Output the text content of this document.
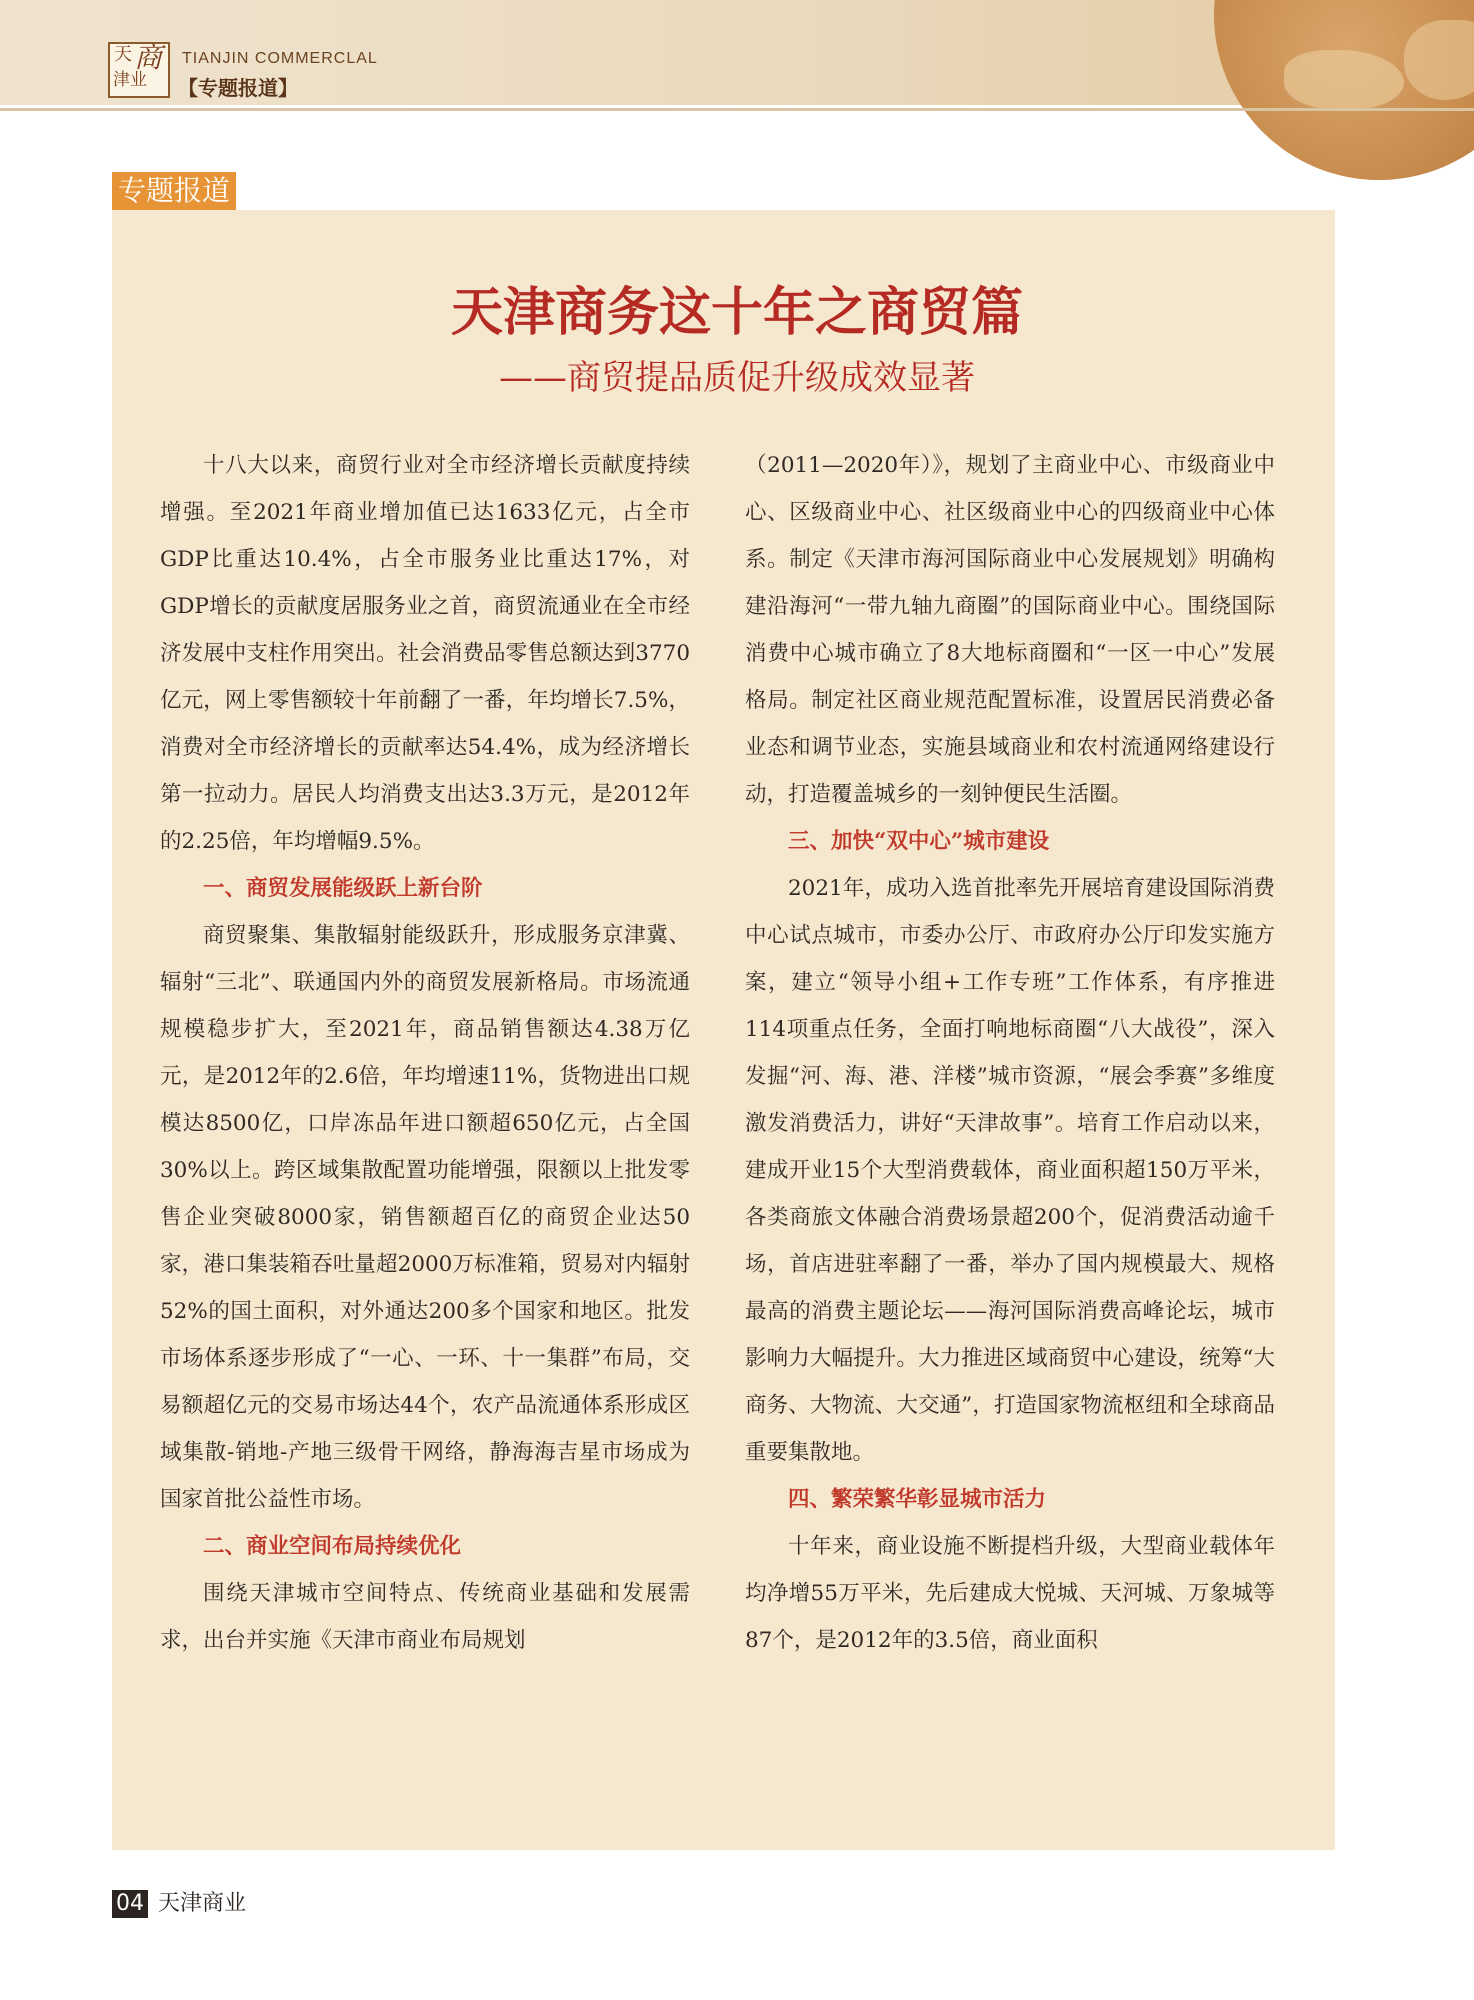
天 商
津业
TIANJIN COMMERCLAL
【专题报道】
专题报道
天津商务这十年之商贸篇
——商贸提品质促升级成效显著

十八大以来，商贸行业对全市经济增长贡献度持续增强。至2021年商业增加值已达1633亿元，占全市GDP比重达10.4%，占全市服务业比重达17%，对GDP增长的贡献度居服务业之首，商贸流通业在全市经济发展中支柱作用突出。社会消费品零售总额达到3770亿元，网上零售额较十年前翻了一番，年均增长7.5%，消费对全市经济增长的贡献率达54.4%，成为经济增长第一拉动力。居民人均消费支出达3.3万元，是2012年的2.25倍，年均增幅9.5%。

一、商贸发展能级跃上新台阶

商贸聚集、集散辐射能级跃升，形成服务京津冀、辐射“三北”、联通国内外的商贸发展新格局。市场流通规模稳步扩大，至2021年，商品销售额达4.38万亿元，是2012年的2.6倍，年均增速11%，货物进出口规模达8500亿，口岸冻品年进口额超650亿元，占全国30%以上。跨区域集散配置功能增强，限额以上批发零售企业突破8000家，销售额超百亿的商贸企业达50家，港口集装箱吞吐量超2000万标准箱，贸易对内辐射52%的国土面积，对外通达200多个国家和地区。批发市场体系逐步形成了“一心、一环、十一集群”布局，交易额超亿元的交易市场达44个，农产品流通体系形成区域集散-销地-产地三级骨干网络，静海海吉星市场成为国家首批公益性市场。

二、商业空间布局持续优化

围绕天津城市空间特点、传统商业基础和发展需求，出台并实施《天津市商业布局规划

（2011—2020年）》，规划了主商业中心、市级商业中心、区级商业中心、社区级商业中心的四级商业中心体系。制定《天津市海河国际商业中心发展规划》明确构建沿海河“一带九轴九商圈”的国际商业中心。围绕国际消费中心城市确立了8大地标商圈和“一区一中心”发展格局。制定社区商业规范配置标准，设置居民消费必备业态和调节业态，实施县域商业和农村流通网络建设行动，打造覆盖城乡的一刻钟便民生活圈。

三、加快“双中心”城市建设

2021年，成功入选首批率先开展培育建设国际消费中心试点城市，市委办公厅、市政府办公厅印发实施方案，建立“领导小组+工作专班”工作体系，有序推进114项重点任务，全面打响地标商圈“八大战役”，深入发掘“河、海、港、洋楼”城市资源，“展会季赛”多维度激发消费活力，讲好“天津故事”。培育工作启动以来，建成开业15个大型消费载体，商业面积超150万平米，各类商旅文体融合消费场景超200个，促消费活动逾千场，首店进驻率翻了一番，举办了国内规模最大、规格最高的消费主题论坛——海河国际消费高峰论坛，城市影响力大幅提升。大力推进区域商贸中心建设，统筹“大商务、大物流、大交通”，打造国家物流枢纽和全球商品重要集散地。

四、繁荣繁华彰显城市活力

十年来，商业设施不断提档升级，大型商业载体年均净增55万平米，先后建成大悦城、天河城、万象城等87个，是2012年的3.5倍，商业面积

04 天津商业
